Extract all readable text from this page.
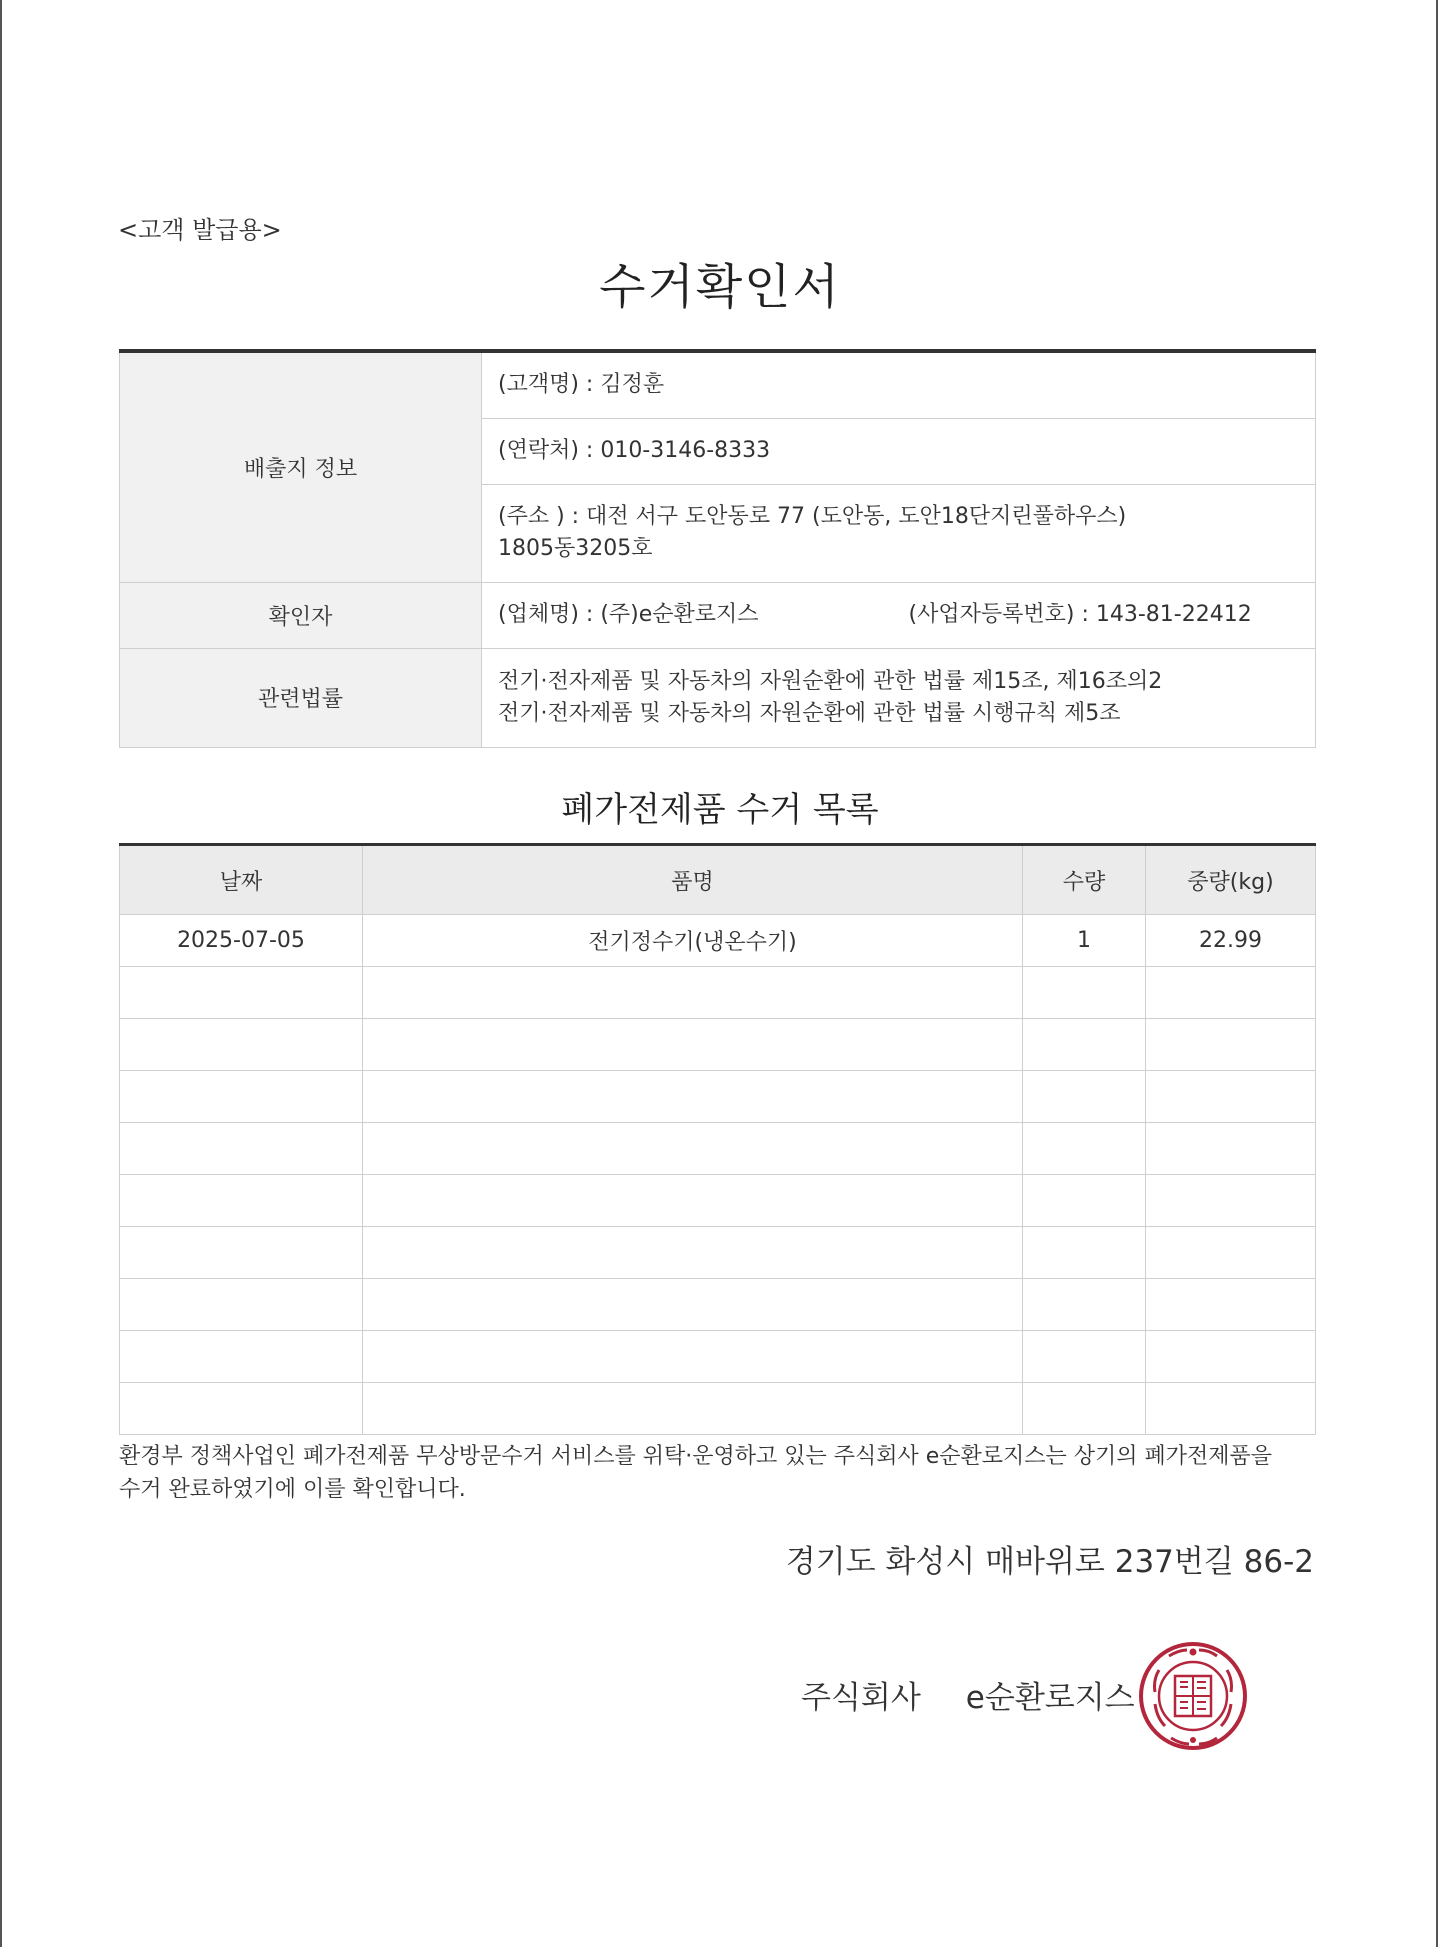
<고객 발급용>
수거확인서
배출지 정보	(고객명) : 김정훈
	(연락처) : 010-3146-8333

	(주소 ) : 대전 서구 도안동로 77 (도안동, 도안18단지린풀하우스)
1805동3205호

확인자	(업체명) : (주)e순환로지스 (사업자등록번호) : 143-81-22412
관련법률	전기·전자제품 및 자동차의 자원순환에 관한 법률 제15조, 제16조의2
전기·전자제품 및 자동차의 자원순환에 관한 법률 시행규칙 제5조
폐가전제품 수거 목록
날짜	품명	수량	중량(kg)
2025-07-05	전기정수기(냉온수기)	1	22.99

환경부 정책사업인 폐가전제품 무상방문수거 서비스를 위탁·운영하고 있는 주식회사 e순환로지스는 상기의 폐가전제품을
수거 완료하였기에 이를 확인합니다.
경기도 화성시 매바위로 237번길 86-2
주식회사 e순환로지스
